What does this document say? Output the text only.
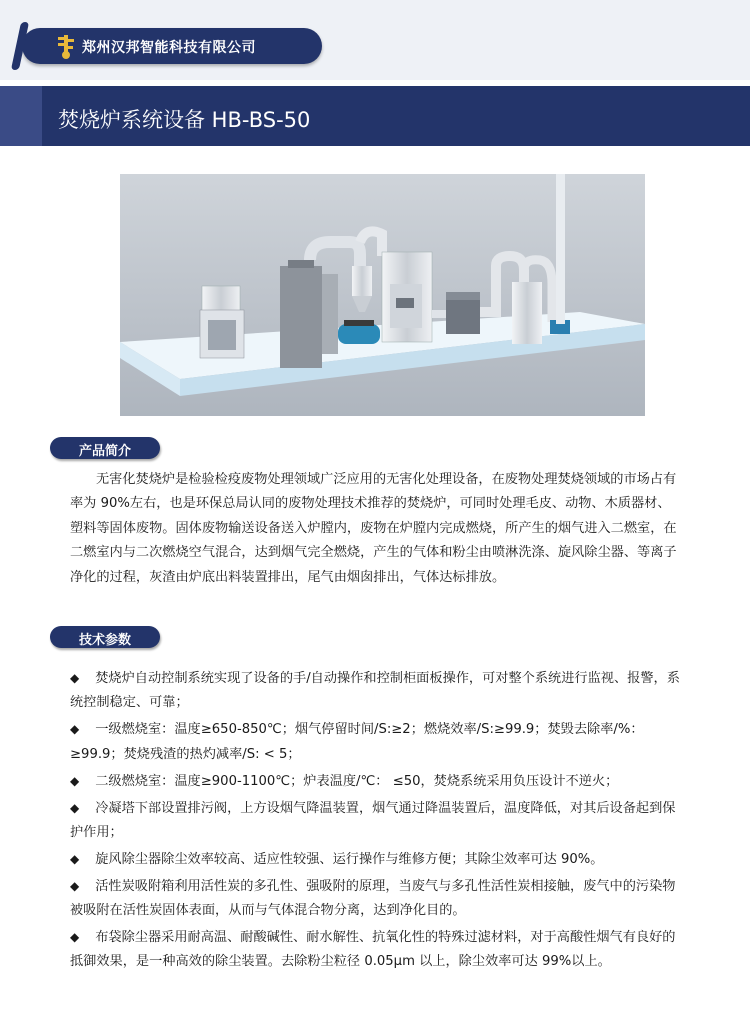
郑州汉邦智能科技有限公司
焚烧炉系统设备 HB-BS-50
产品简介
无害化焚烧炉是检验检疫废物处理领域广泛应用的无害化处理设备，在废物处理焚烧领域的市场占有率为 90%左右，也是环保总局认同的废物处理技术推荐的焚烧炉，可同时处理毛皮、动物、木质器材、塑料等固体废物。固体废物输送设备送入炉膛内，废物在炉膛内完成燃烧，所产生的烟气进入二燃室，在二燃室内与二次燃烧空气混合，达到烟气完全燃烧，产生的气体和粉尘由喷淋洗涤、旋风除尘器、等离子净化的过程，灰渣由炉底出料装置排出，尾气由烟囱排出，气体达标排放。
技术参数
◆ 焚烧炉自动控制系统实现了设备的手/自动操作和控制柜面板操作，可对整个系统进行监视、报警，系统控制稳定、可靠；
◆ 一级燃烧室：温度≥650-850℃；烟气停留时间/S:≥2；燃烧效率/S:≥99.9；焚毁去除率/%：≥99.9；焚烧残渣的热灼减率/S: < 5；
◆ 二级燃烧室：温度≥900-1100℃；炉表温度/℃： ≤50，焚烧系统采用负压设计不逆火；
◆ 冷凝塔下部设置排污阀，上方设烟气降温装置，烟气通过降温装置后，温度降低，对其后设备起到保护作用；
◆ 旋风除尘器除尘效率较高、适应性较强、运行操作与维修方便；其除尘效率可达 90%。
◆ 活性炭吸附箱利用活性炭的多孔性、强吸附的原理，当废气与多孔性活性炭相接触，废气中的污染物被吸附在活性炭固体表面，从而与气体混合物分离，达到净化目的。
◆ 布袋除尘器采用耐高温、耐酸碱性、耐水解性、抗氧化性的特殊过滤材料，对于高酸性烟气有良好的抵御效果，是一种高效的除尘装置。去除粉尘粒径 0.05μm 以上，除尘效率可达 99%以上。
